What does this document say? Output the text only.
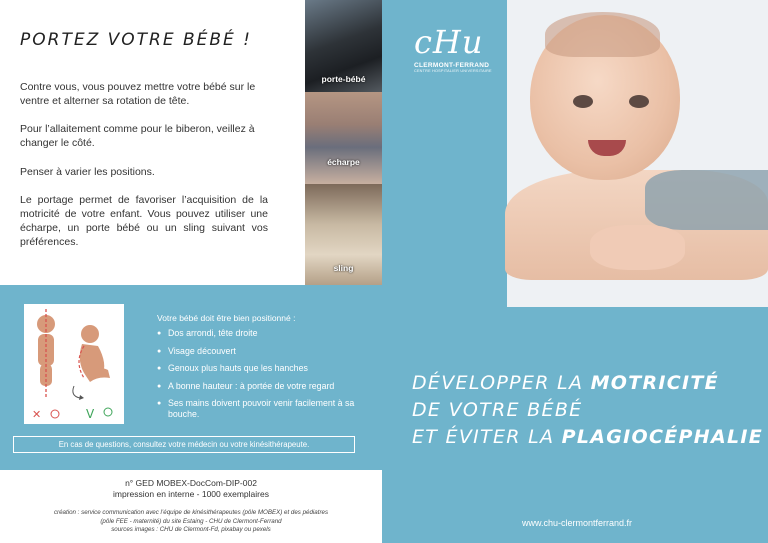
PORTEZ VOTRE BÉBÉ !

Contre vous, vous pouvez mettre votre bébé sur le ventre et alterner sa rotation de tête.

Pour l’allaitement comme pour le biberon, veillez à changer le côté.

Penser à varier les positions.

Le portage permet de favoriser l’acquisition de la motricité de votre enfant. Vous pouvez utiliser une écharpe, un porte bébé ou un sling suivant vos préférences.

porte-bébé
écharpe
sling
cHu
CLERMONT-FERRAND
CENTRE HOSPITALIER UNIVERSITAIRE
✕	V
Votre bébé doit être bien positionné :
● Dos arrondi, tête droite
● Visage découvert
● Genoux plus hauts que les hanches
● A bonne hauteur : à portée de votre regard
● Ses mains doivent pouvoir venir facilement à sa bouche.
En cas de questions, consultez votre médecin ou votre kinésithérapeute.
n° GED MOBEX-DocCom-DIP-002
impression en interne - 1000 exemplaires
création : service communication avec l’équipe de kinésithérapeutes (pôle MOBEX) et des pédiatres
(pôle FEE - maternité) du site Estaing - CHU de Clermont-Ferrand
sources images : CHU de Clermont-Fd, pixabay ou pexels
DÉVELOPPER LA MOTRICITÉ
DE VOTRE BÉBÉ
ET ÉVITER LA PLAGIOCÉPHALIE
www.chu-clermontferrand.fr
